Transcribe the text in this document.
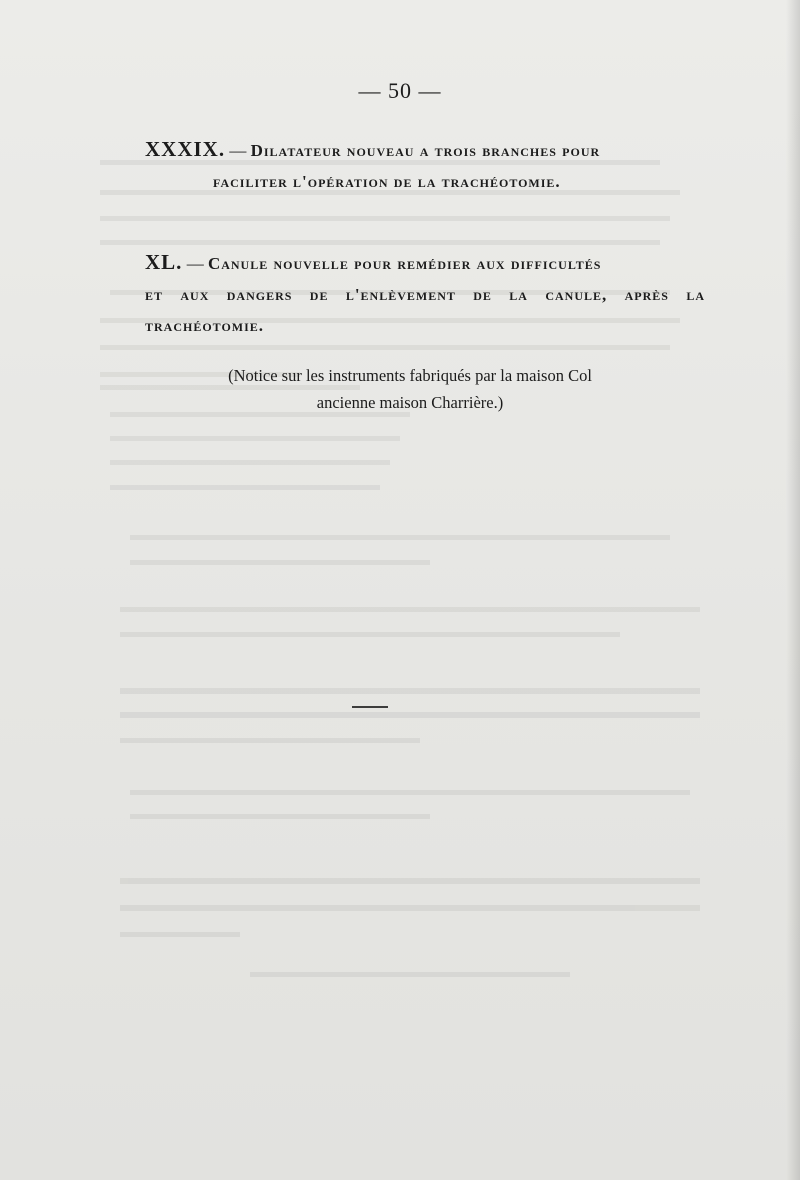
— 50 —
XXXIX. — Dilatateur nouveau a trois branches pour
faciliter l'opération de la trachéotomie.
XL. — Canule nouvelle pour remédier aux difficultés
et aux dangers de l'enlèvement de la canule, après la
trachéotomie.
(Notice sur les instruments fabriqués par la maison Col
ancienne maison Charrière.)
